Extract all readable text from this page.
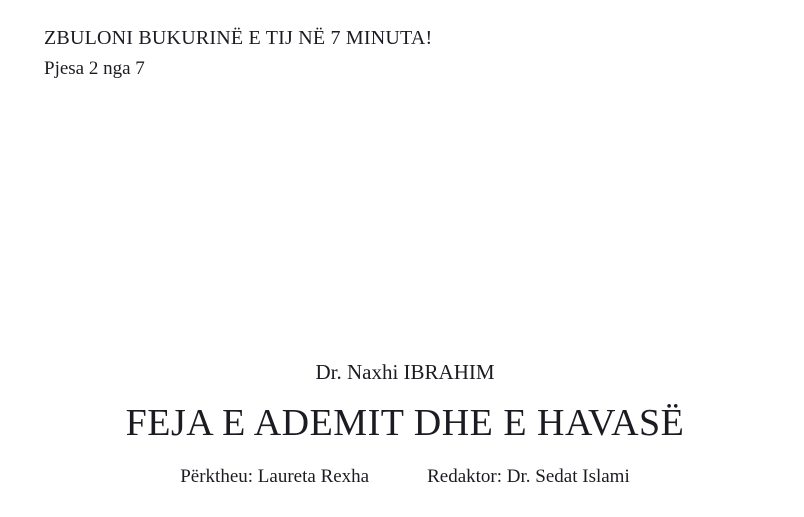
ZBULONI BUKURINË E TIJ NË 7 MINUTA!
Pjesa 2 nga 7
Dr. Naxhi IBRAHIM
FEJA E ADEMIT DHE E HAVASË
Përktheu: Laureta Rexha	Redaktor: Dr. Sedat Islami
